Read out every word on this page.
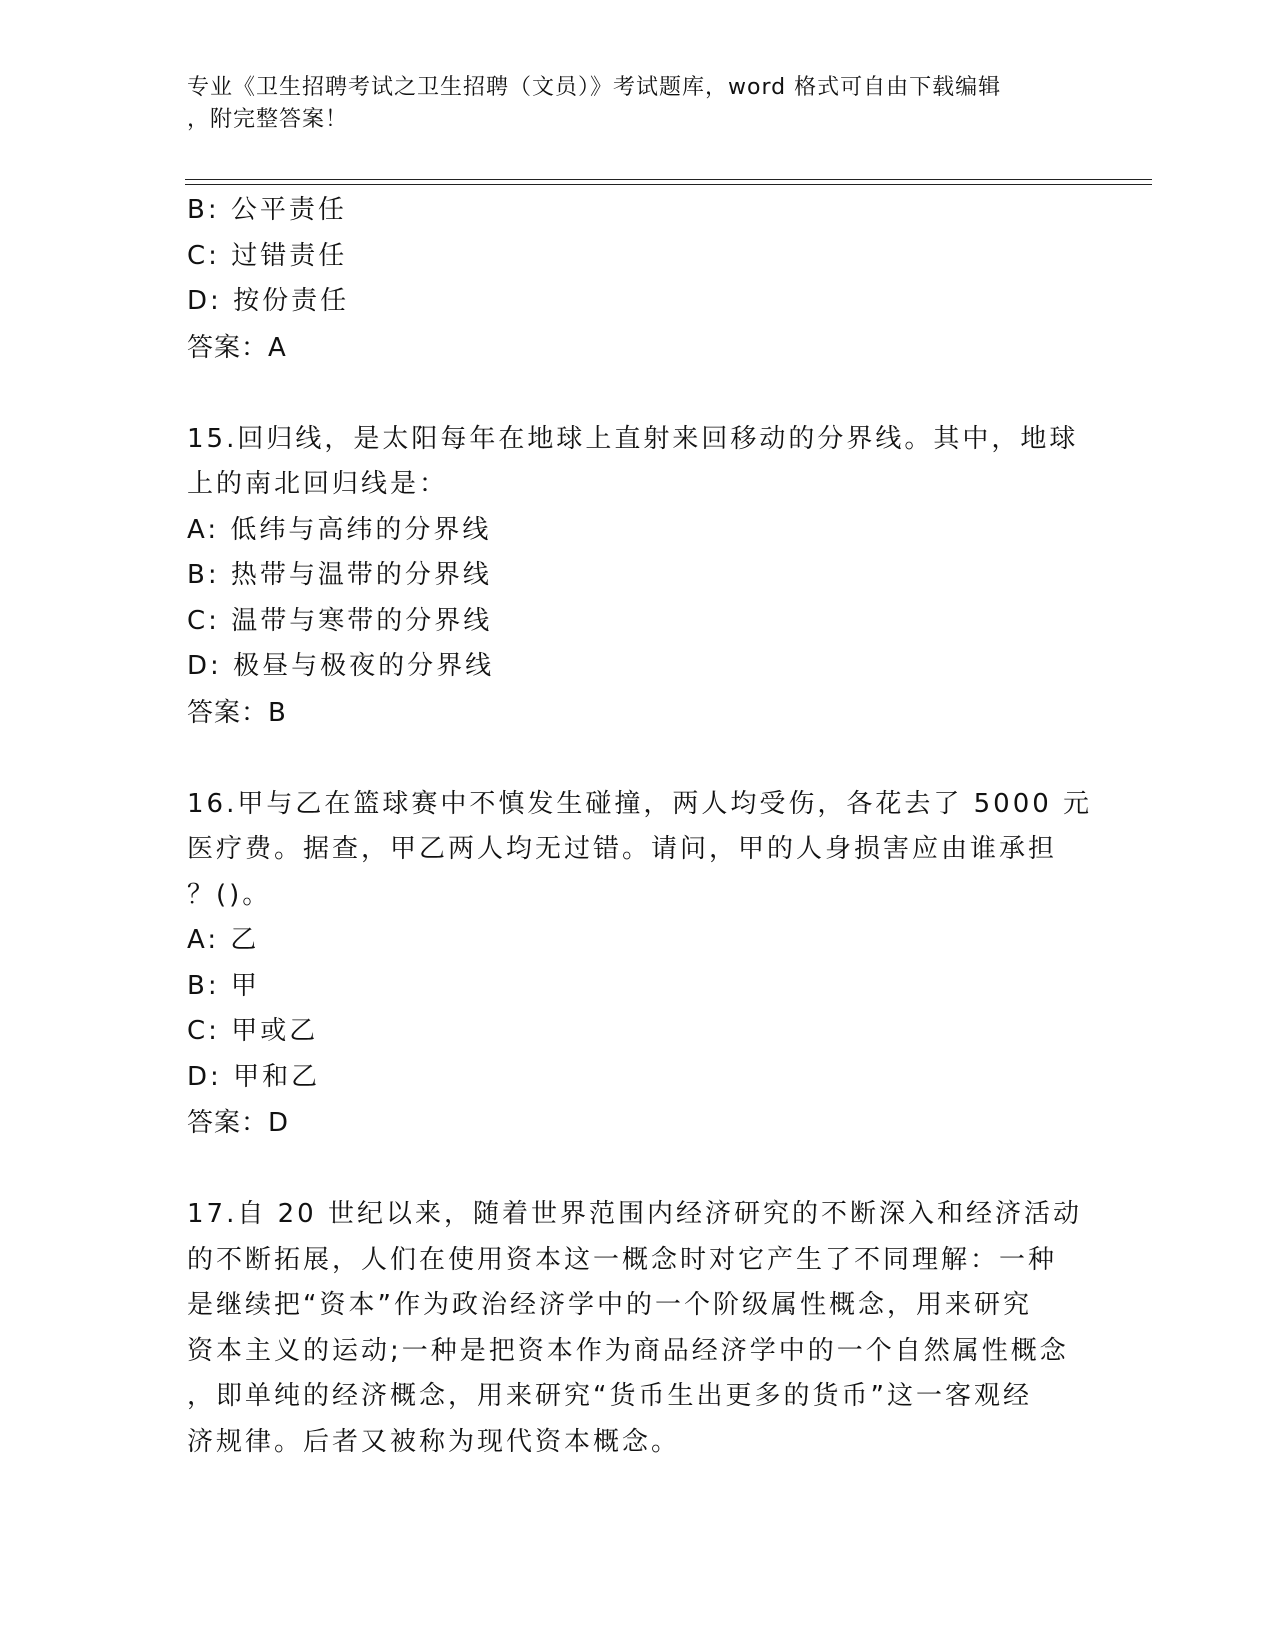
专业《卫生招聘考试之卫生招聘（文员）》考试题库，word 格式可自由下载编辑
，附完整答案！
B: 公平责任
C: 过错责任
D: 按份责任
答案：A
15.回归线，是太阳每年在地球上直射来回移动的分界线。其中，地球
上的南北回归线是：
A: 低纬与高纬的分界线
B: 热带与温带的分界线
C: 温带与寒带的分界线
D: 极昼与极夜的分界线
答案：B
16.甲与乙在篮球赛中不慎发生碰撞，两人均受伤，各花去了 5000 元
医疗费。据查，甲乙两人均无过错。请问，甲的人身损害应由谁承担
？()。
A: 乙
B: 甲
C: 甲或乙
D: 甲和乙
答案：D
17.自 20 世纪以来，随着世界范围内经济研究的不断深入和经济活动
的不断拓展，人们在使用资本这一概念时对它产生了不同理解：一种
是继续把“资本”作为政治经济学中的一个阶级属性概念，用来研究
资本主义的运动;一种是把资本作为商品经济学中的一个自然属性概念
，即单纯的经济概念，用来研究“货币生出更多的货币”这一客观经
济规律。后者又被称为现代资本概念。
